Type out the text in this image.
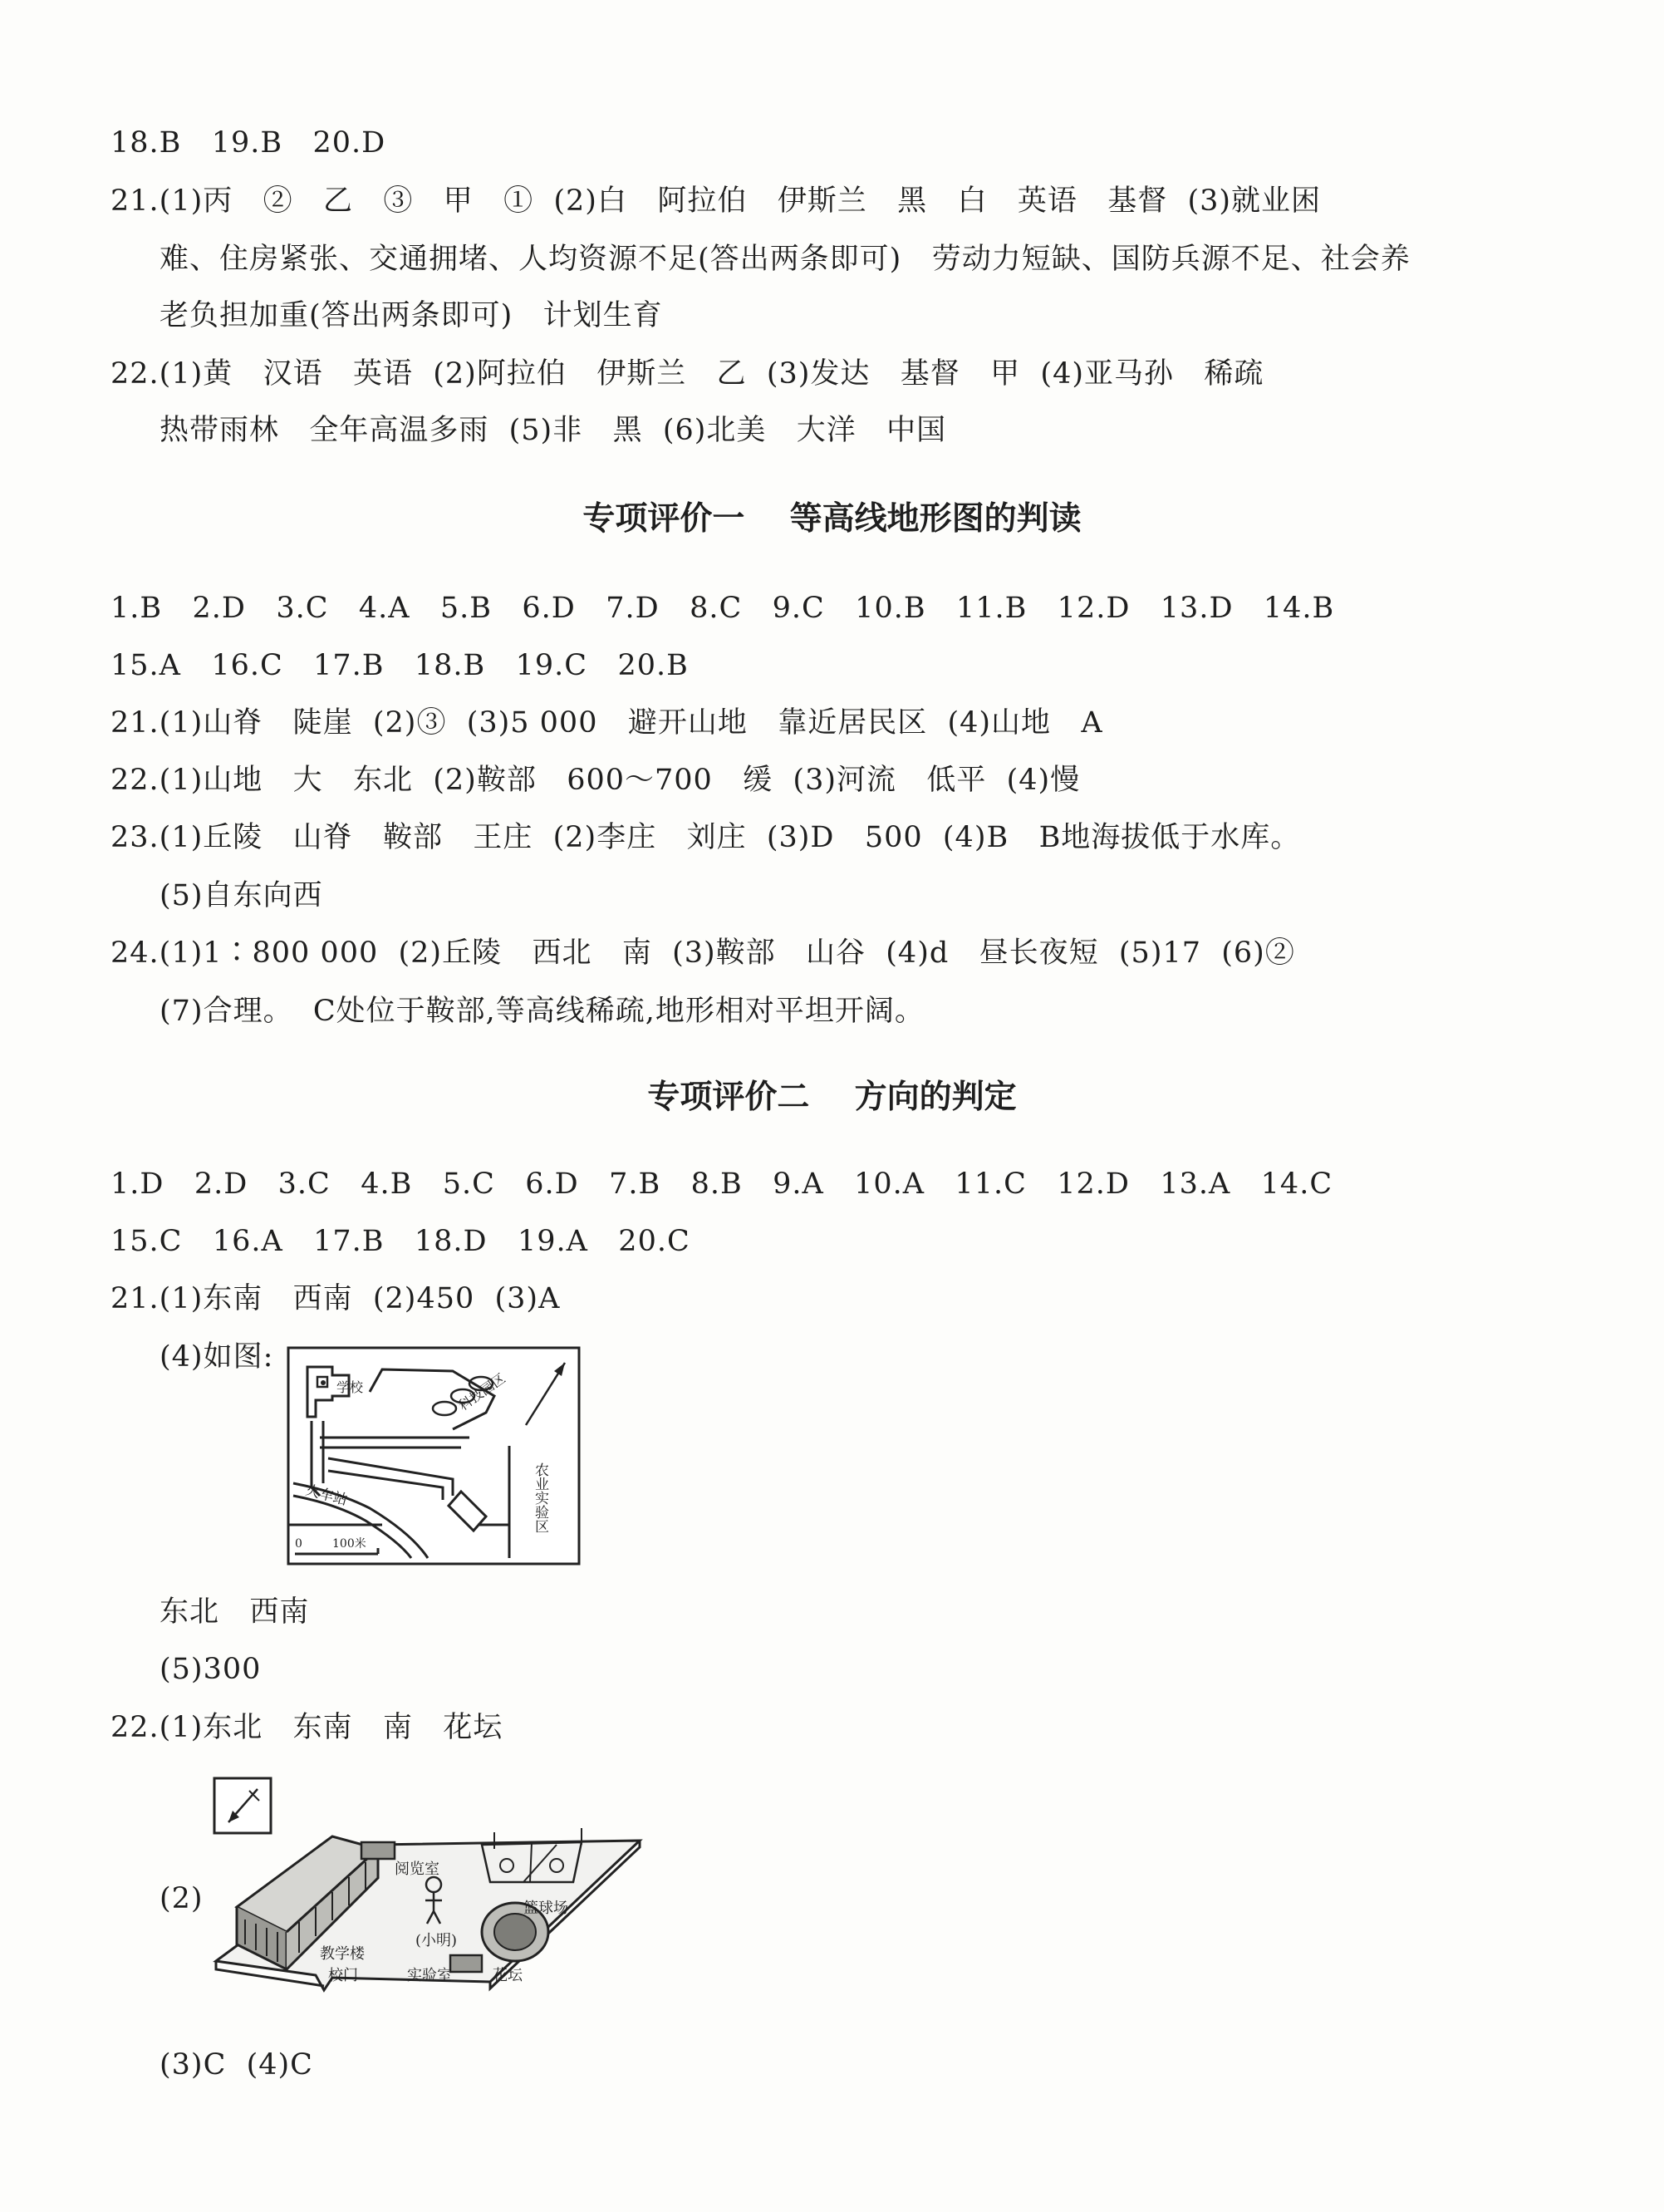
18.B   19.B   20.D
21.(1)丙   ②   乙   ③   甲   ①  (2)白   阿拉伯   伊斯兰   黑   白   英语   基督  (3)就业困
难、住房紧张、交通拥堵、人均资源不足(答出两条即可)   劳动力短缺、国防兵源不足、社会养
老负担加重(答出两条即可)   计划生育
22.(1)黄   汉语   英语  (2)阿拉伯   伊斯兰   乙  (3)发达   基督   甲  (4)亚马孙   稀疏
热带雨林   全年高温多雨  (5)非   黑  (6)北美   大洋   中国
专项评价一    等高线地形图的判读
1.B   2.D   3.C   4.A   5.B   6.D   7.D   8.C   9.C   10.B   11.B   12.D   13.D   14.B
15.A   16.C   17.B   18.B   19.C   20.B
21.(1)山脊   陡崖  (2)③  (3)5 000   避开山地   靠近居民区  (4)山地   A
22.(1)山地   大   东北  (2)鞍部   600～700   缓  (3)河流   低平  (4)慢
23.(1)丘陵   山脊   鞍部   王庄  (2)李庄   刘庄  (3)D   500  (4)B   B地海拔低于水库。
(5)自东向西
24.(1)1∶800 000  (2)丘陵   西北   南  (3)鞍部   山谷  (4)d   昼长夜短  (5)17  (6)②
(7)合理。  C处位于鞍部,等高线稀疏,地形相对平坦开阔。
专项评价二    方向的判定
1.D   2.D   3.C   4.B   5.C   6.D   7.B   8.B   9.A   10.A   11.C   12.D   13.A   14.C
15.C   16.A   17.B   18.D   19.A   20.C
21.(1)东南   西南  (2)450  (3)A
(4)如图:
学校	科技园区
农业实验区
火车站
0	100米
东北   西南
(5)300
22.(1)东北   东南   南   花坛
阅览室
篮球场
(小明)
教学楼
校门	花坛
实验室
(2)
(3)C  (4)C
